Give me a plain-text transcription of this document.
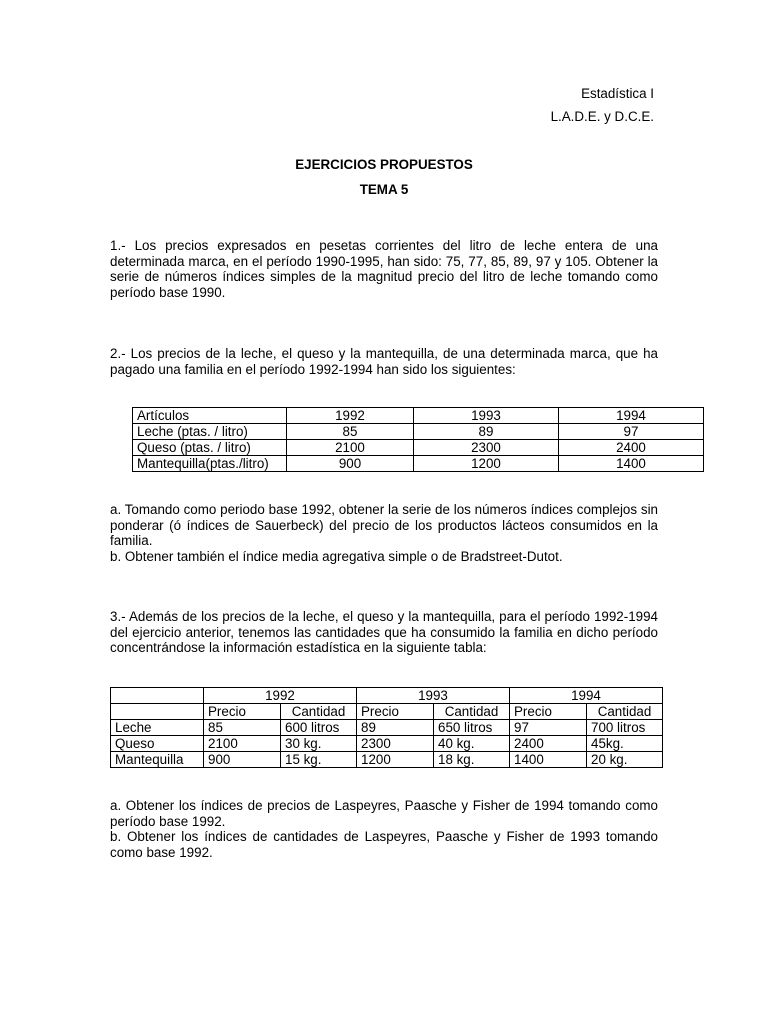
Estadística I
L.A.D.E. y D.C.E.
EJERCICIOS PROPUESTOS
TEMA 5

1.- Los precios expresados en pesetas corrientes del litro de leche entera de una determinada marca, en el período 1990-1995, han sido: 75, 77, 85, 89, 97 y 105. Obtener la serie de números índices simples de la magnitud precio del litro de leche tomando como período base 1990.

2.- Los precios de la leche, el queso y la mantequilla, de una determinada marca, que ha pagado una familia en el período 1992-1994 han sido los siguientes:

Artículos	1992	1993	1994
Leche (ptas. / litro)	85	89	97
Queso (ptas. / litro)	2100	2300	2400
Mantequilla(ptas./litro)	900	1200	1400

a. Tomando como periodo base 1992, obtener la serie de los números índices complejos sin ponderar (ó índices de Sauerbeck) del precio de los productos lácteos consumidos en la familia.

b. Obtener también el índice media agregativa simple o de Bradstreet-Dutot.

3.- Además de los precios de la leche, el queso y la mantequilla, para el período 1992-1994 del ejercicio anterior, tenemos las cantidades que ha consumido la familia en dicho período concentrándose la información estadística en la siguiente tabla:

	1992		1993		1994	
	Precio	Cantidad	Precio	Cantidad	Precio	Cantidad
Leche	85	600 litros	89	650 litros	97	700 litros
Queso	2100	30 kg.	2300	40 kg.	2400	45kg.
Mantequilla	900	15 kg.	1200	18 kg.	1400	20 kg.

a. Obtener los índices de precios de Laspeyres, Paasche y Fisher de 1994 tomando como período base 1992.

b. Obtener los índices de cantidades de Laspeyres, Paasche y Fisher de 1993 tomando como base 1992.
